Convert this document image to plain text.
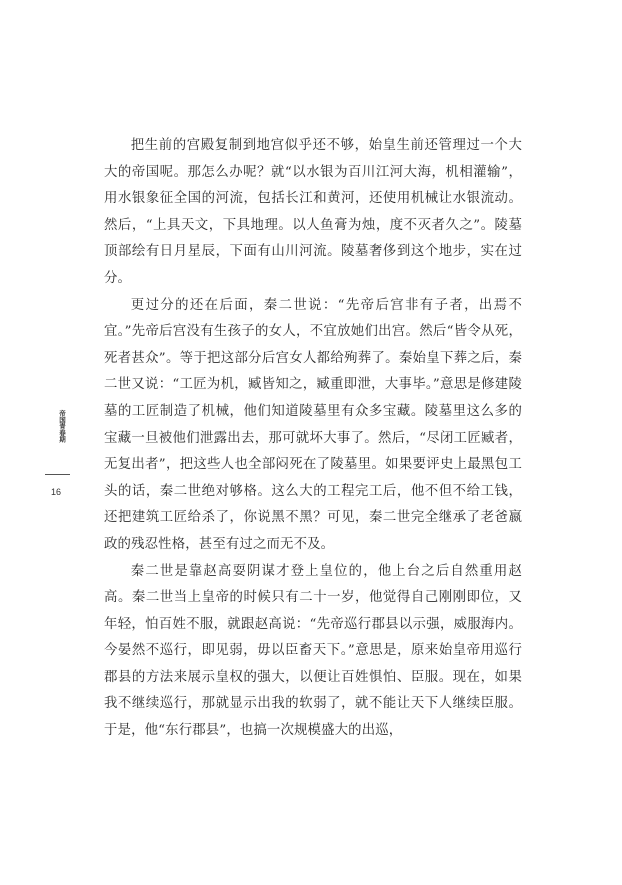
把生前的宫殿复制到地宫似乎还不够，始皇生前还管理过一个大大的帝国呢。那怎么办呢？就“以水银为百川江河大海，机相灌输”，用水银象征全国的河流，包括长江和黄河，还使用机械让水银流动。然后，“上具天文，下具地理。以人鱼膏为烛，度不灭者久之”。陵墓顶部绘有日月星辰，下面有山川河流。陵墓奢侈到这个地步，实在过分。

更过分的还在后面，秦二世说：“先帝后宫非有子者，出焉不宜。”先帝后宫没有生孩子的女人，不宜放她们出宫。然后“皆令从死，死者甚众”。等于把这部分后宫女人都给殉葬了。秦始皇下葬之后，秦二世又说：“工匠为机，臧皆知之，臧重即泄，大事毕。”意思是修建陵墓的工匠制造了机械，他们知道陵墓里有众多宝藏。陵墓里这么多的宝藏一旦被他们泄露出去，那可就坏大事了。然后，“尽闭工匠臧者，无复出者”，把这些人也全部闷死在了陵墓里。如果要评史上最黑包工头的话，秦二世绝对够格。这么大的工程完工后，他不但不给工钱，还把建筑工匠给杀了，你说黑不黑？可见，秦二世完全继承了老爸嬴政的残忍性格，甚至有过之而无不及。

秦二世是靠赵高耍阴谋才登上皇位的，他上台之后自然重用赵高。秦二世当上皇帝的时候只有二十一岁，他觉得自己刚刚即位，又年轻，怕百姓不服，就跟赵高说：“先帝巡行郡县以示强，威服海内。今晏然不巡行，即见弱，毋以臣畜天下。”意思是，原来始皇帝用巡行郡县的方法来展示皇权的强大，以便让百姓惧怕、臣服。现在，如果我不继续巡行，那就显示出我的软弱了，就不能让天下人继续臣服。于是，他“东行郡县”，也搞一次规模盛大的出巡，

帝国青春期
16
